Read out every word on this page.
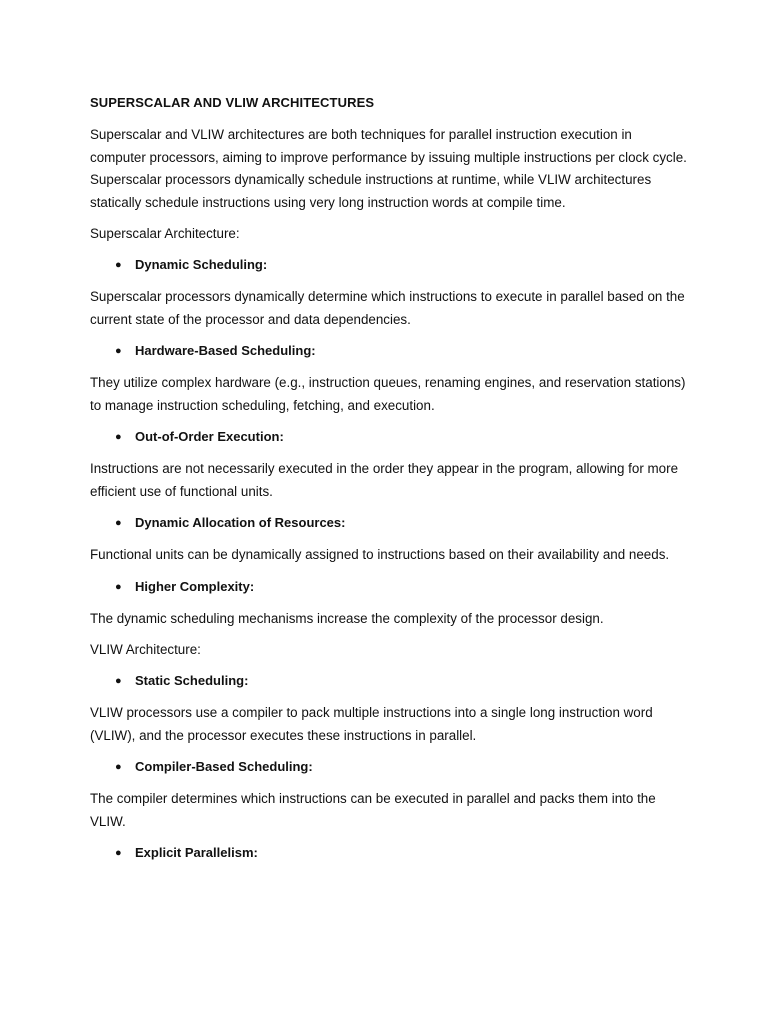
SUPERSCALAR AND VLIW ARCHITECTURES
Superscalar and VLIW architectures are both techniques for parallel instruction execution in computer processors, aiming to improve performance by issuing multiple instructions per clock cycle. Superscalar processors dynamically schedule instructions at runtime, while VLIW architectures statically schedule instructions using very long instruction words at compile time.
Superscalar Architecture:
● Dynamic Scheduling:
Superscalar processors dynamically determine which instructions to execute in parallel based on the current state of the processor and data dependencies.
● Hardware-Based Scheduling:
They utilize complex hardware (e.g., instruction queues, renaming engines, and reservation stations) to manage instruction scheduling, fetching, and execution.
● Out-of-Order Execution:
Instructions are not necessarily executed in the order they appear in the program, allowing for more efficient use of functional units.
● Dynamic Allocation of Resources:
Functional units can be dynamically assigned to instructions based on their availability and needs.
● Higher Complexity:
The dynamic scheduling mechanisms increase the complexity of the processor design.
VLIW Architecture:
● Static Scheduling:
VLIW processors use a compiler to pack multiple instructions into a single long instruction word (VLIW), and the processor executes these instructions in parallel.
● Compiler-Based Scheduling:
The compiler determines which instructions can be executed in parallel and packs them into the VLIW.
● Explicit Parallelism:
